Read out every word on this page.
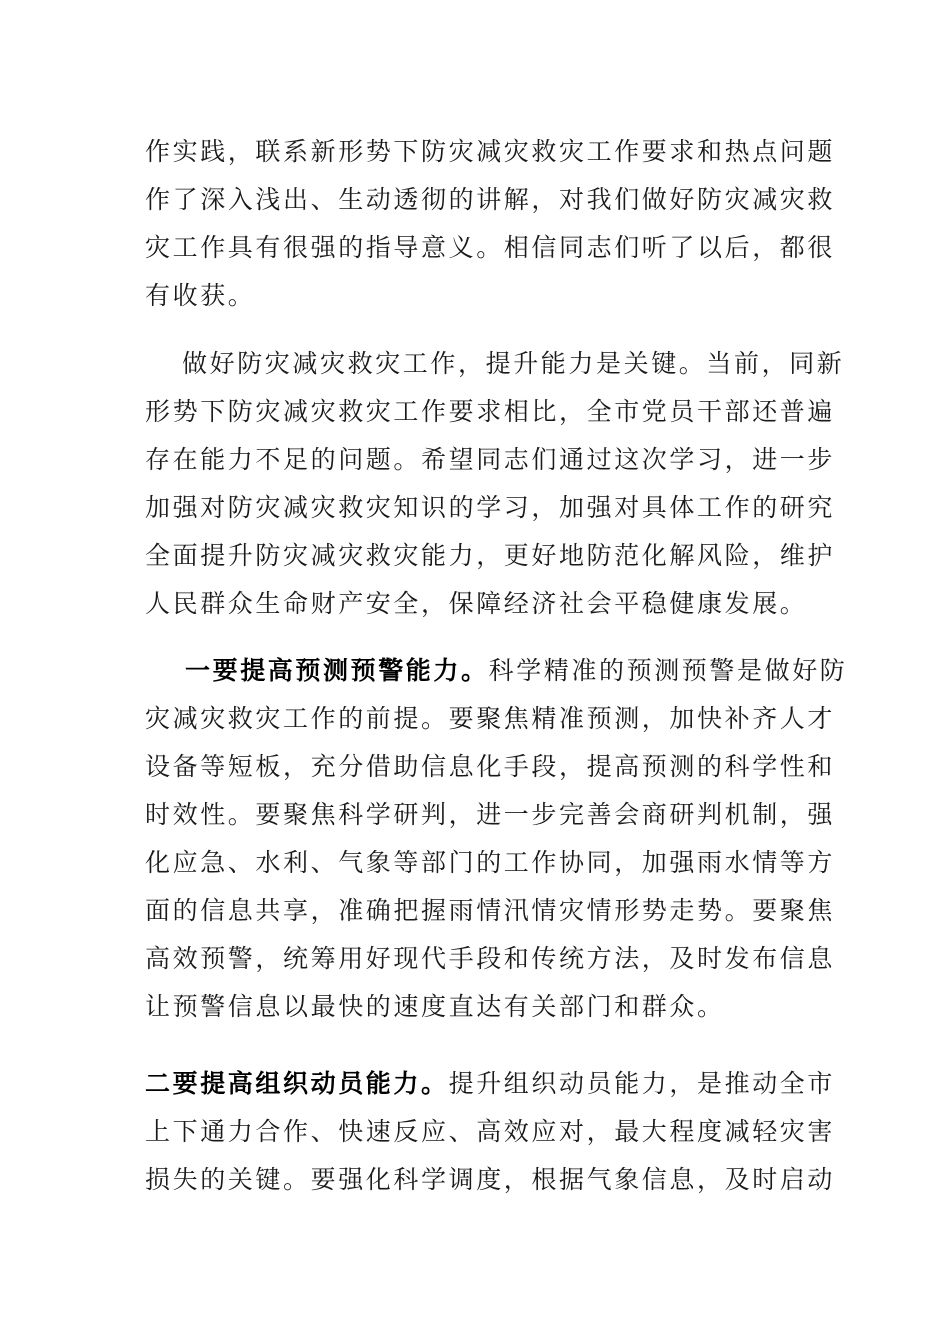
作实践，联系新形势下防灾减灾救灾工作要求和热点问题
作了深入浅出、生动透彻的讲解，对我们做好防灾减灾救
灾工作具有很强的指导意义。相信同志们听了以后，都很
有收获。
做好防灾减灾救灾工作，提升能力是关键。当前，同新
形势下防灾减灾救灾工作要求相比，全市党员干部还普遍
存在能力不足的问题。希望同志们通过这次学习，进一步
加强对防灾减灾救灾知识的学习，加强对具体工作的研究
全面提升防灾减灾救灾能力，更好地防范化解风险，维护
人民群众生命财产安全，保障经济社会平稳健康发展。
一要提高预测预警能力。科学精准的预测预警是做好防
灾减灾救灾工作的前提。要聚焦精准预测，加快补齐人才
设备等短板，充分借助信息化手段，提高预测的科学性和
时效性。要聚焦科学研判，进一步完善会商研判机制，强
化应急、水利、气象等部门的工作协同，加强雨水情等方
面的信息共享，准确把握雨情汛情灾情形势走势。要聚焦
高效预警，统筹用好现代手段和传统方法，及时发布信息
让预警信息以最快的速度直达有关部门和群众。
二要提高组织动员能力。提升组织动员能力，是推动全市
上下通力合作、快速反应、高效应对，最大程度减轻灾害
损失的关键。要强化科学调度，根据气象信息，及时启动
